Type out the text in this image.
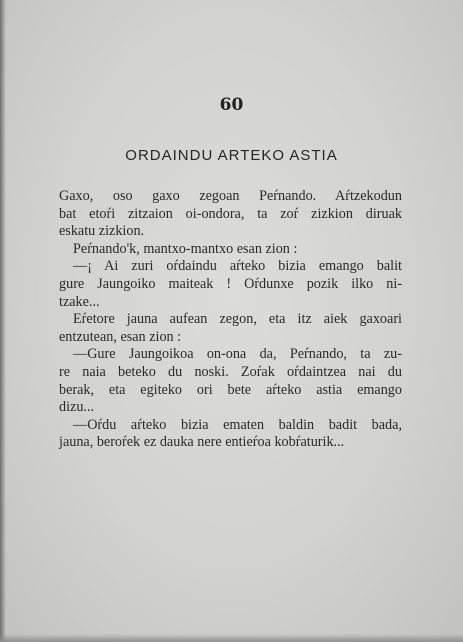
60
ORDAINDU ARTEKO ASTIA
Gaxo, oso gaxo zegoan Peŕnando. Aŕtzekodun
bat etoŕi zitzaion oi-ondora, ta zoŕ zizkion diruak
eskatu zizkion.
Peŕnando'k, mantxo-mantxo esan zion :
—¡ Ai zuri oŕdaindu aŕteko bizia emango balit
gure Jaungoiko maiteak ! Oŕdunxe pozik ilko ni-
tzake...
Eŕetore jauna aufean zegon, eta itz aiek gaxoari
entzutean, esan zion :
—Gure Jaungoikoa on-ona da, Peŕnando, ta zu-
re naia beteko du noski. Zoŕak oŕdaintzea nai du
berak, eta egiteko ori bete aŕteko astia emango
dizu...
—Oŕdu aŕteko bizia ematen baldin badit bada,
jauna, beroŕek ez dauka nere entieŕoa kobŕaturik...
